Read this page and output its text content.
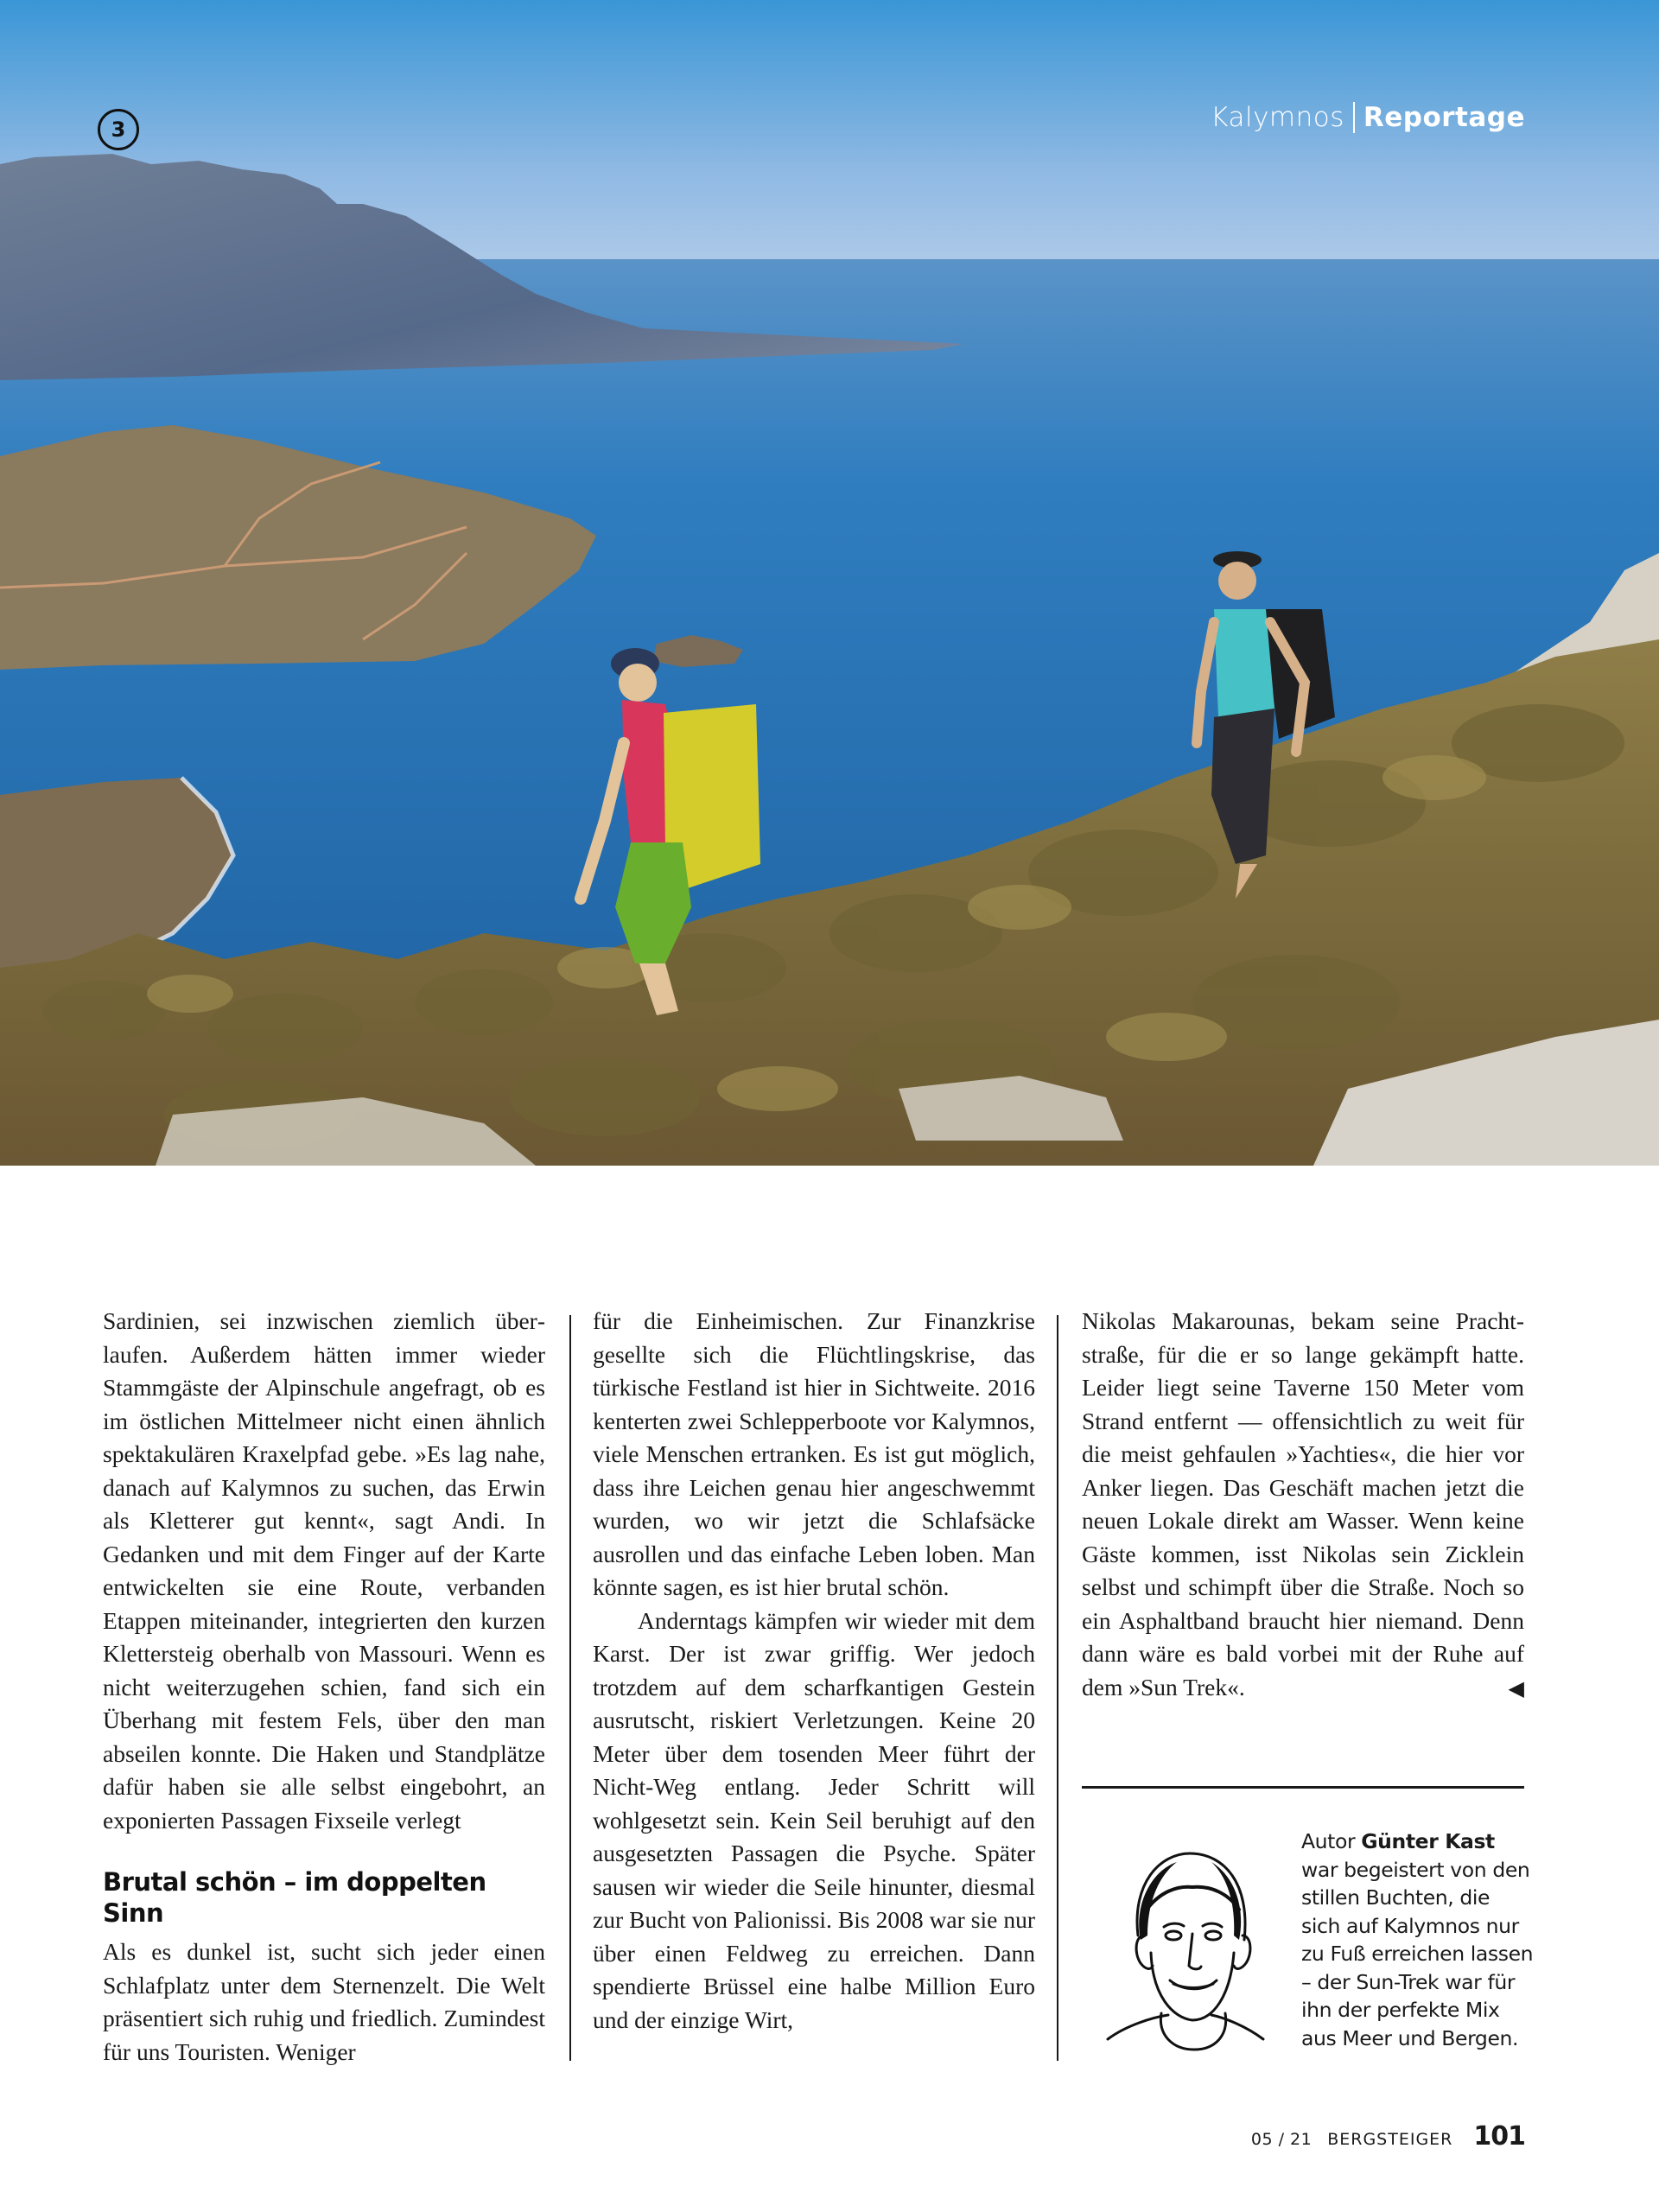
3	Kalymnos Reportage

Sardinien, sei inzwischen ziemlich überlaufen. Außerdem hätten immer wieder Stammgäste der Alpinschule angefragt, ob es im östlichen Mittelmeer nicht einen ähnlich spektakulären Kraxelpfad gebe. »Es lag nahe, danach auf Kalymnos zu suchen, das Erwin als Kletterer gut kennt«, sagt Andi. In Gedanken und mit dem Finger auf der Karte entwickelten sie eine Route, verbanden Etappen miteinander, integrierten den kurzen Klettersteig oberhalb von Massouri. Wenn es nicht weiterzugehen schien, fand sich ein Überhang mit festem Fels, über den man abseilen konnte. Die Haken und Standplätze dafür haben sie alle selbst eingebohrt, an exponierten Passagen Fixseile verlegt

Brutal schön – im doppelten Sinn

Als es dunkel ist, sucht sich jeder einen Schlafplatz unter dem Sternenzelt. Die Welt präsentiert sich ruhig und friedlich. Zumindest für uns Touristen. Weniger

für die Einheimischen. Zur Finanzkrise gesellte sich die Flüchtlingskrise, das türkische Festland ist hier in Sichtweite. 2016 kenterten zwei Schlepperboote vor Kalymnos, viele Menschen ertranken. Es ist gut möglich, dass ihre Leichen genau hier angeschwemmt wurden, wo wir jetzt die Schlafsäcke ausrollen und das einfache Leben loben. Man könnte sagen, es ist hier brutal schön.

Anderntags kämpfen wir wieder mit dem Karst. Der ist zwar griffig. Wer jedoch trotzdem auf dem scharfkantigen Gestein ausrutscht, riskiert Verletzungen. Keine 20 Meter über dem tosenden Meer führt der Nicht-Weg entlang. Jeder Schritt will wohlgesetzt sein. Kein Seil beruhigt auf den ausgesetzten Passagen die Psyche. Später sausen wir wieder die Seile hinunter, diesmal zur Bucht von Palionissi. Bis 2008 war sie nur über einen Feldweg zu erreichen. Dann spendierte Brüssel eine halbe Million Euro und der einzige Wirt,

Nikolas Makarounas, bekam seine Prachtstraße, für die er so lange gekämpft hatte. Leider liegt seine Taverne 150 Meter vom Strand entfernt — offensichtlich zu weit für die meist gehfaulen »Yachties«, die hier vor Anker liegen. Das Geschäft machen jetzt die neuen Lokale direkt am Wasser. Wenn keine Gäste kommen, isst Nikolas sein Zicklein selbst und schimpft über die Straße. Noch so ein Asphaltband braucht hier niemand. Denn dann wäre es bald vorbei mit der Ruhe auf dem »Sun Trek«.	◀

Autor Günter Kast war begeistert von den stillen Buchten, die sich auf Kalymnos nur zu Fuß erreichen lassen – der Sun-Trek war für ihn der perfekte Mix aus Meer und Bergen.
05 / 21 BERGSTEIGER 101
